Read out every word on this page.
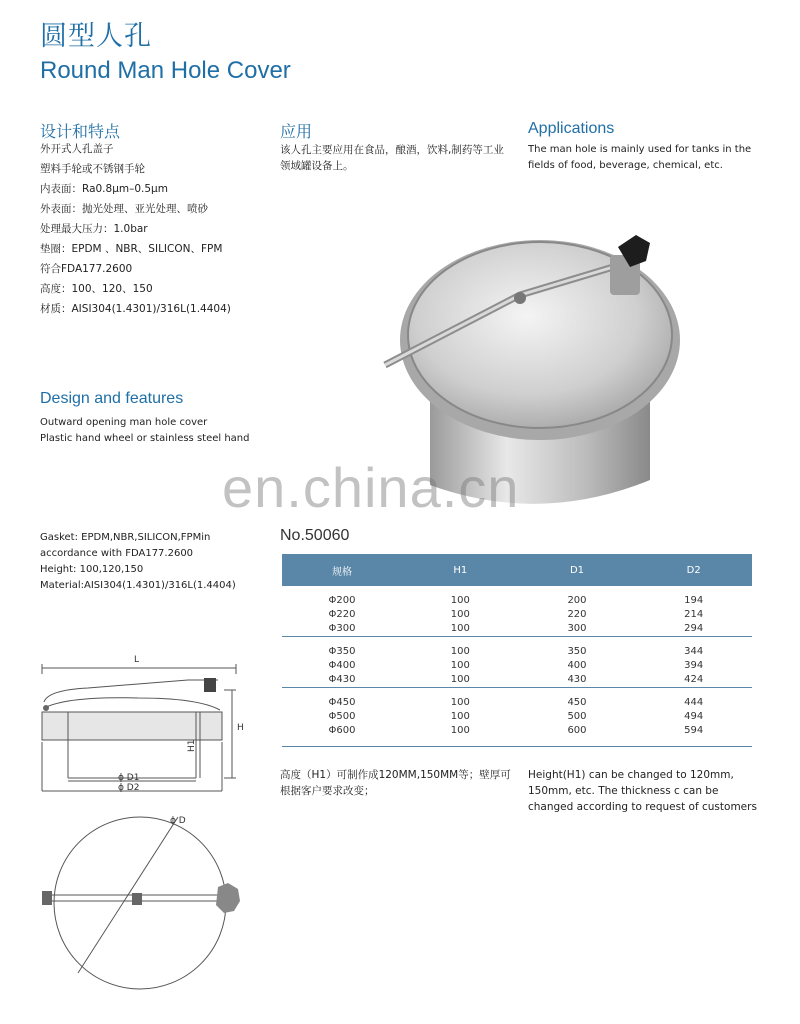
圆型人孔
Round Man Hole Cover
设计和特点
外开式人孔盖子
塑料手轮或不锈钢手轮
内表面：Ra0.8μm–0.5μm
外表面：抛光处理、亚光处理、喷砂
处理最大压力：1.0bar
垫圈：EPDM 、NBR、SILICON、FPM
符合FDA177.2600
高度：100、120、150
材质：AISI304(1.4301)/316L(1.4404)
应用
该人孔主要应用在食品，酿酒，饮料,制药等工业领域罐设备上。
Applications
The man hole is mainly used for tanks in the fields of food, beverage, chemical, etc.
Design and features
Outward opening man hole cover
Plastic hand wheel or stainless steel hand
en.china.cn
Gasket: EPDM,NBR,SILICON,FPMin
accordance with FDA177.2600
Height: 100,120,150
Material:AISI304(1.4301)/316L(1.4404)
No.50060
规格	H1	D1	D2

Φ200	100	200	194
Φ220	100	220	214
Φ300	100	300	294

Φ350	100	350	344
Φ400	100	400	394
Φ430	100	430	424

Φ450	100	450	444
Φ500	100	500	494
Φ600	100	600	594

高度（H1）可制作成120MM,150MM等；壁厚可根据客户要求改变；
Height(H1) can be changed to 120mm, 150mm, etc. The thickness c can be changed according to request of customers
L
H
H1
ϕ D1
ϕ D2
ϕ D
